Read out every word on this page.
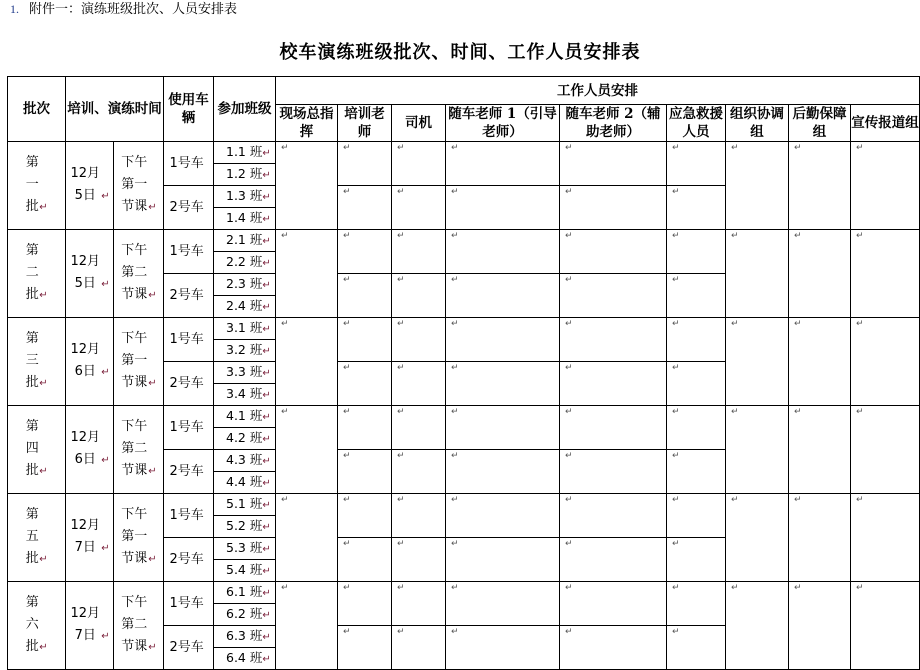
1. 附件一：演练班级批次、人员安排表
校车演练班级批次、时间、工作人员安排表
批次	培训、演练时间		使用车辆	参加班级	工作人员安排								
					现场总指挥	培训老师	司机	随车老师 1（引导老师）	随车老师 2（辅助老师）	应急救援人员	组织协调组	后勤保障组	宣传报道组
第一批↵	12月5日 ↵	下午第一节课↵	1号车	1.1 班↵	↵	↵	↵	↵	↵	↵	↵	↵	↵
				1.2 班↵									
			2号车	1.3 班↵		↵	↵	↵	↵	↵
				1.4 班↵									
第二批↵	12月5日 ↵	下午第二节课↵	1号车	2.1 班↵	↵	↵	↵	↵	↵	↵	↵	↵	↵
				2.2 班↵									
			2号车	2.3 班↵		↵	↵	↵	↵	↵
				2.4 班↵									
第三批↵	12月6日 ↵	下午第一节课↵	1号车	3.1 班↵	↵	↵	↵	↵	↵	↵	↵	↵	↵
				3.2 班↵									
			2号车	3.3 班↵		↵	↵	↵	↵	↵
				3.4 班↵									
第四批↵	12月6日 ↵	下午第二节课↵	1号车	4.1 班↵	↵	↵	↵	↵	↵	↵	↵	↵	↵
				4.2 班↵									
			2号车	4.3 班↵		↵	↵	↵	↵	↵
				4.4 班↵									
第五批↵	12月7日 ↵	下午第一节课↵	1号车	5.1 班↵	↵	↵	↵	↵	↵	↵	↵	↵	↵
				5.2 班↵									
			2号车	5.3 班↵		↵	↵	↵	↵	↵
				5.4 班↵									
第六批↵	12月7日 ↵	下午第二节课↵	1号车	6.1 班↵	↵	↵	↵	↵	↵	↵	↵	↵	↵
				6.2 班↵									
			2号车	6.3 班↵		↵	↵	↵	↵	↵
				6.4 班↵									
